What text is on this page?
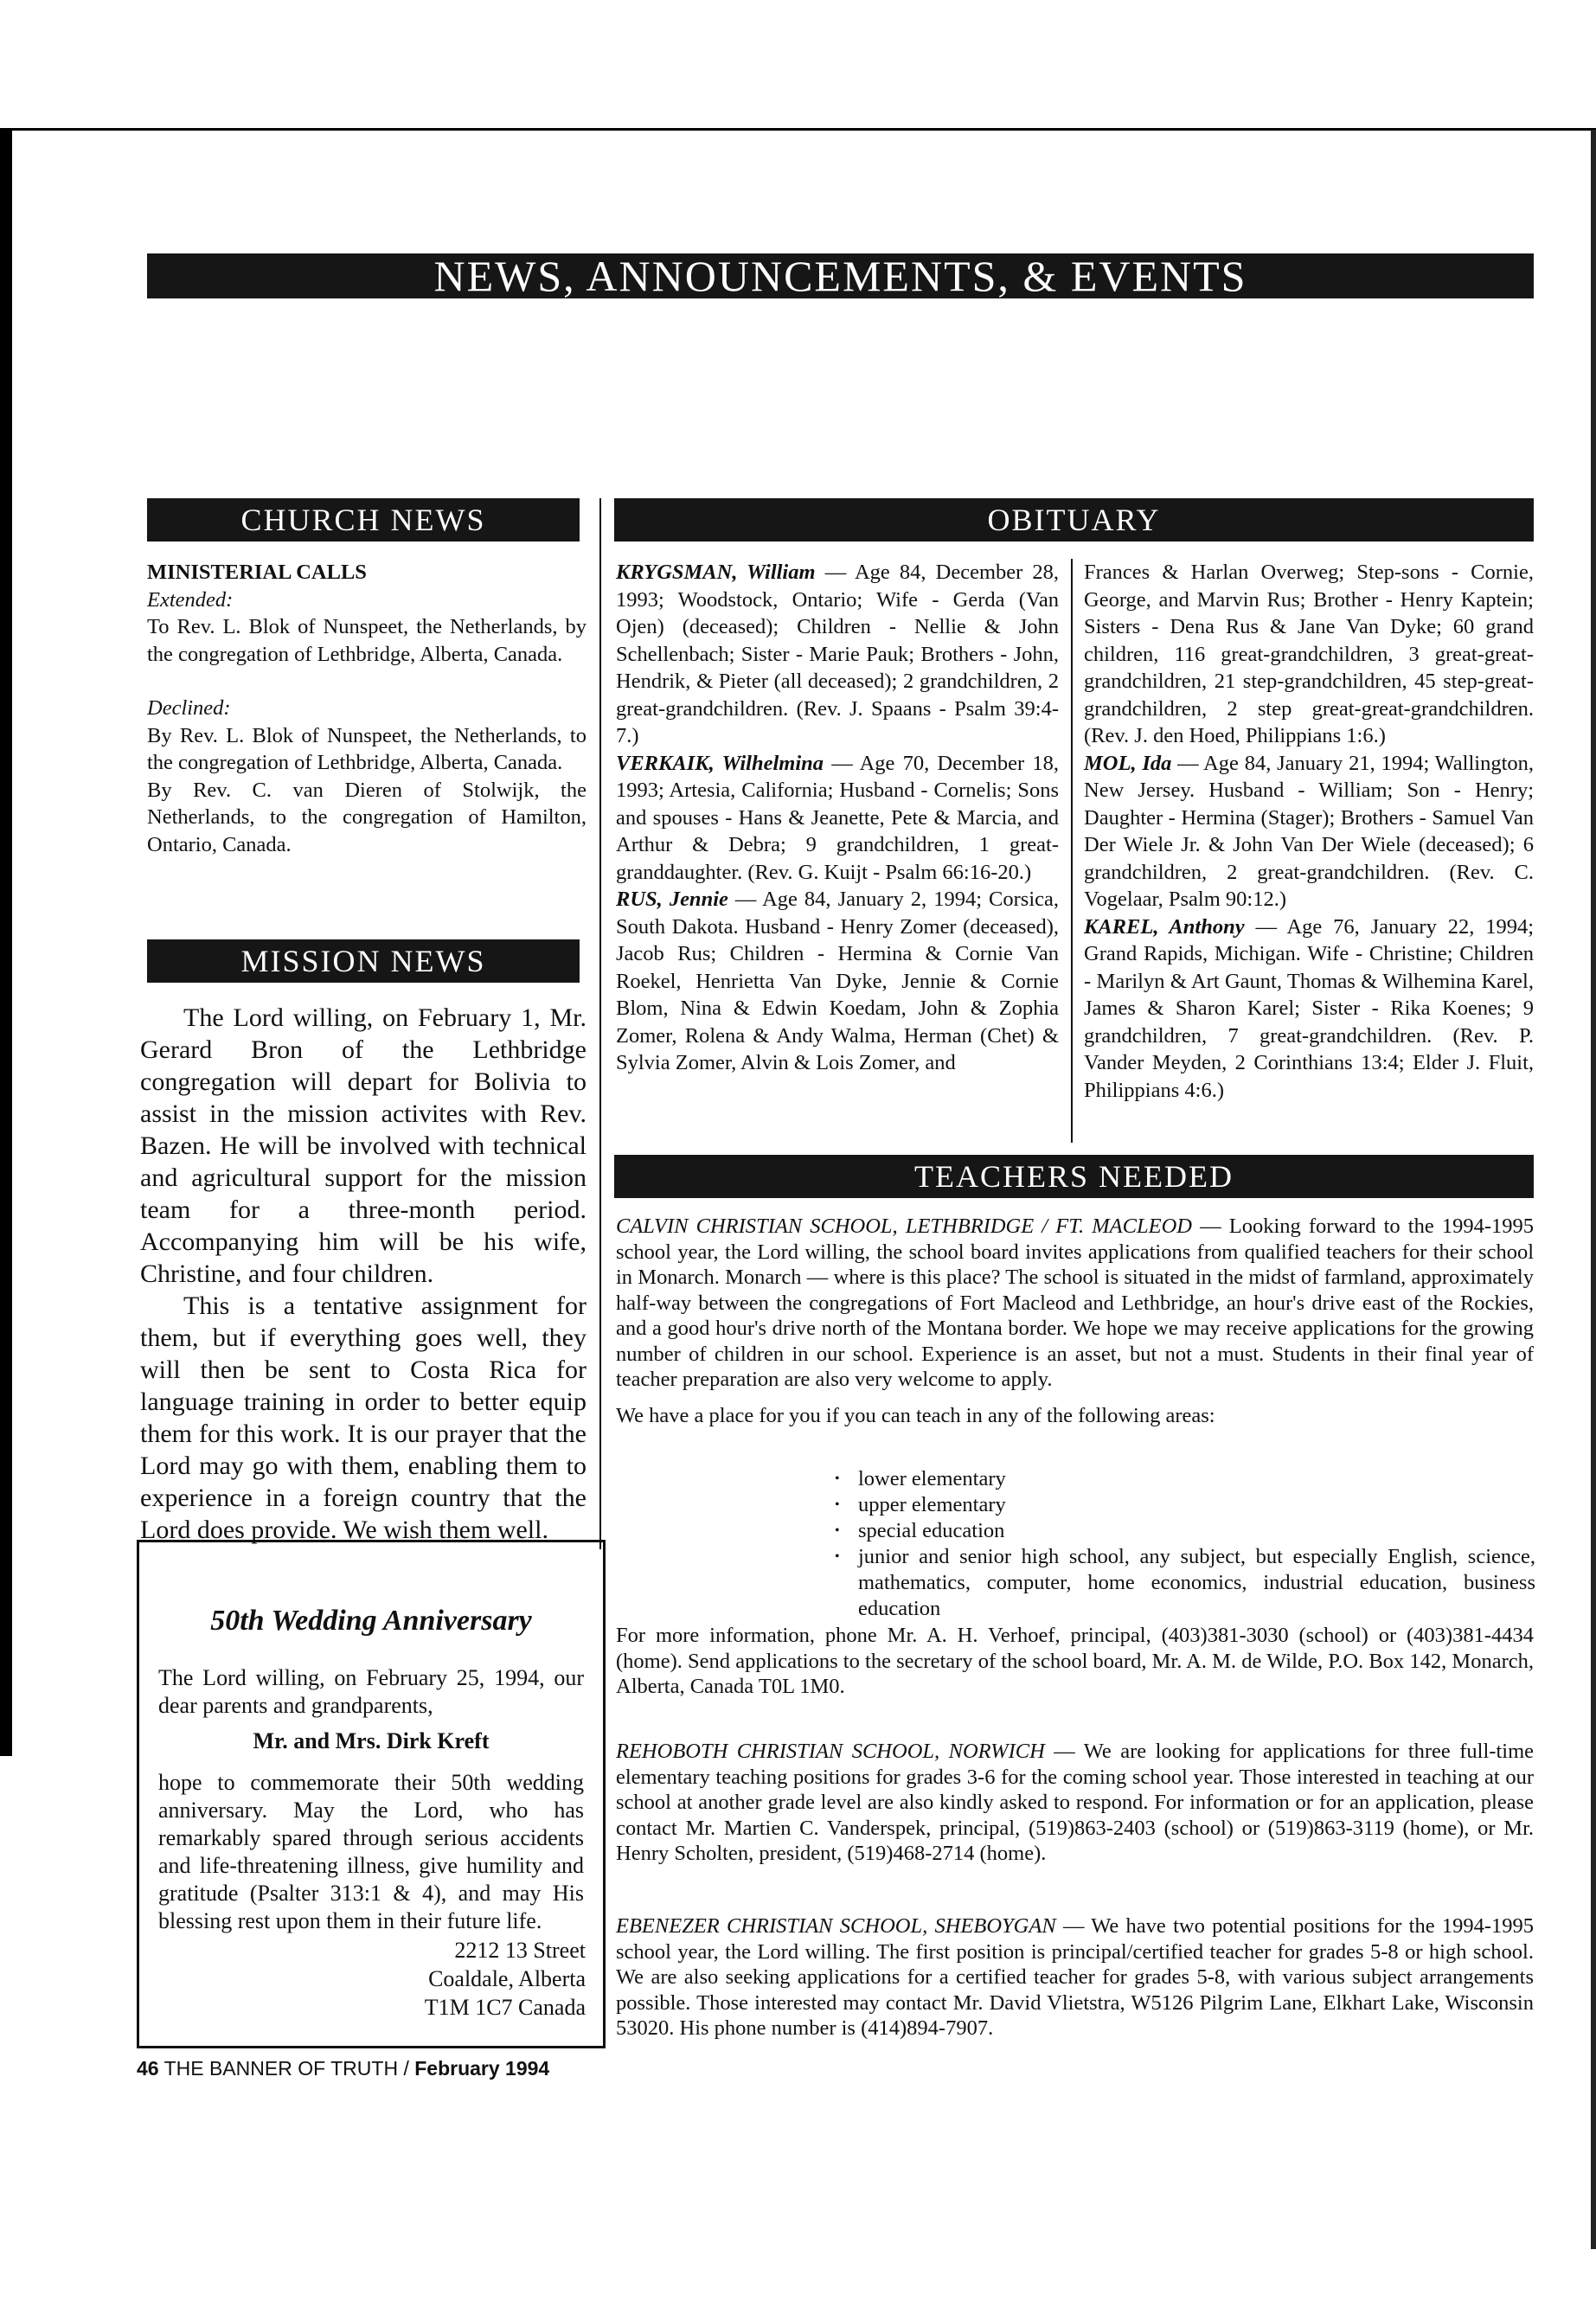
NEWS, ANNOUNCEMENTS, & EVENTS
CHURCH NEWS
MINISTERIAL CALLS
Extended:
To Rev. L. Blok of Nunspeet, the Netherlands, by the congregation of Lethbridge, Alberta, Canada.
Declined:
By Rev. L. Blok of Nunspeet, the Netherlands, to the congregation of Lethbridge, Alberta, Canada.
By Rev. C. van Dieren of Stolwijk, the Netherlands, to the congregation of Hamilton, Ontario, Canada.
MISSION NEWS

The Lord willing, on February 1, Mr. Gerard Bron of the Lethbridge congregation will depart for Bolivia to assist in the mission activites with Rev. Bazen. He will be involved with technical and agricultural support for the mission team for a three-month period. Accompanying him will be his wife, Christine, and four children.

This is a tentative assignment for them, but if everything goes well, they will then be sent to Costa Rica for language training in order to better equip them for this work. It is our prayer that the Lord may go with them, enabling them to experience in a foreign country that the Lord does provide. We wish them well.

50th Wedding Anniversary
The Lord willing, on February 25, 1994, our dear parents and grandparents,
Mr. and Mrs. Dirk Kreft
hope to commemorate their 50th wedding anniversary. May the Lord, who has remarkably spared through serious accidents and life-threatening illness, give humility and gratitude (Psalter 313:1 & 4), and may His blessing rest upon them in their future life.
2212 13 Street
Coaldale, Alberta
T1M 1C7 Canada
OBITUARY

KRYGSMAN, William — Age 84, December 28, 1993; Woodstock, Ontario; Wife - Gerda (Van Ojen) (deceased); Children - Nellie & John Schellenbach; Sister - Marie Pauk; Brothers - John, Hendrik, & Pieter (all deceased); 2 grandchildren, 2 great-grandchildren. (Rev. J. Spaans - Psalm 39:4-7.)

VERKAIK, Wilhelmina — Age 70, December 18, 1993; Artesia, California; Husband - Cornelis; Sons and spouses - Hans & Jeanette, Pete & Marcia, and Arthur & Debra; 9 grandchildren, 1 great-granddaughter. (Rev. G. Kuijt - Psalm 66:16-20.)

RUS, Jennie — Age 84, January 2, 1994; Corsica, South Dakota. Husband - Henry Zomer (deceased), Jacob Rus; Children - Hermina & Cornie Van Roekel, Henrietta Van Dyke, Jennie & Cornie Blom, Nina & Edwin Koedam, John & Zophia Zomer, Rolena & Andy Walma, Herman (Chet) & Sylvia Zomer, Alvin & Lois Zomer, and

Frances & Harlan Overweg; Step-sons - Cornie, George, and Marvin Rus; Brother - Henry Kaptein; Sisters - Dena Rus & Jane Van Dyke; 60 grand children, 116 great-grandchildren, 3 great-great-grandchildren, 21 step-grandchildren, 45 step-great-grandchildren, 2 step great-great-grandchildren. (Rev. J. den Hoed, Philippians 1:6.)

MOL, Ida — Age 84, January 21, 1994; Wallington, New Jersey. Husband - William; Son - Henry; Daughter - Hermina (Stager); Brothers - Samuel Van Der Wiele Jr. & John Van Der Wiele (deceased); 6 grandchildren, 2 great-grandchildren. (Rev. C. Vogelaar, Psalm 90:12.)

KAREL, Anthony — Age 76, January 22, 1994; Grand Rapids, Michigan. Wife - Christine; Children - Marilyn & Art Gaunt, Thomas & Wilhemina Karel, James & Sharon Karel; Sister - Rika Koenes; 9 grandchildren, 7 great-grandchildren. (Rev. P. Vander Meyden, 2 Corinthians 13:4; Elder J. Fluit, Philippians 4:6.)

TEACHERS NEEDED

CALVIN CHRISTIAN SCHOOL, LETHBRIDGE / FT. MACLEOD — Looking forward to the 1994-1995 school year, the Lord willing, the school board invites applications from qualified teachers for their school in Monarch. Monarch — where is this place? The school is situated in the midst of farmland, approximately half-way between the congregations of Fort Macleod and Lethbridge, an hour's drive east of the Rockies, and a good hour's drive north of the Montana border. We hope we may receive applications for the growing number of children in our school. Experience is an asset, but not a must. Students in their final year of teacher preparation are also very welcome to apply.

We have a place for you if you can teach in any of the following areas:

• lower elementary
• upper elementary
• special education
• junior and senior high school, any subject, but especially English, science, mathematics, computer, home economics, industrial education, business education
For more information, phone Mr. A. H. Verhoef, principal, (403)381-3030 (school) or (403)381-4434 (home). Send applications to the secretary of the school board, Mr. A. M. de Wilde, P.O. Box 142, Monarch, Alberta, Canada T0L 1M0.
REHOBOTH CHRISTIAN SCHOOL, NORWICH — We are looking for applications for three full-time elementary teaching positions for grades 3-6 for the coming school year. Those interested in teaching at our school at another grade level are also kindly asked to respond. For information or for an application, please contact Mr. Martien C. Vanderspek, principal, (519)863-2403 (school) or (519)863-3119 (home), or Mr. Henry Scholten, president, (519)468-2714 (home).
EBENEZER CHRISTIAN SCHOOL, SHEBOYGAN — We have two potential positions for the 1994-1995 school year, the Lord willing. The first position is principal/certified teacher for grades 5-8 or high school. We are also seeking applications for a certified teacher for grades 5-8, with various subject arrangements possible. Those interested may contact Mr. David Vlietstra, W5126 Pilgrim Lane, Elkhart Lake, Wisconsin 53020. His phone number is (414)894-7907.
46 THE BANNER OF TRUTH / February 1994
